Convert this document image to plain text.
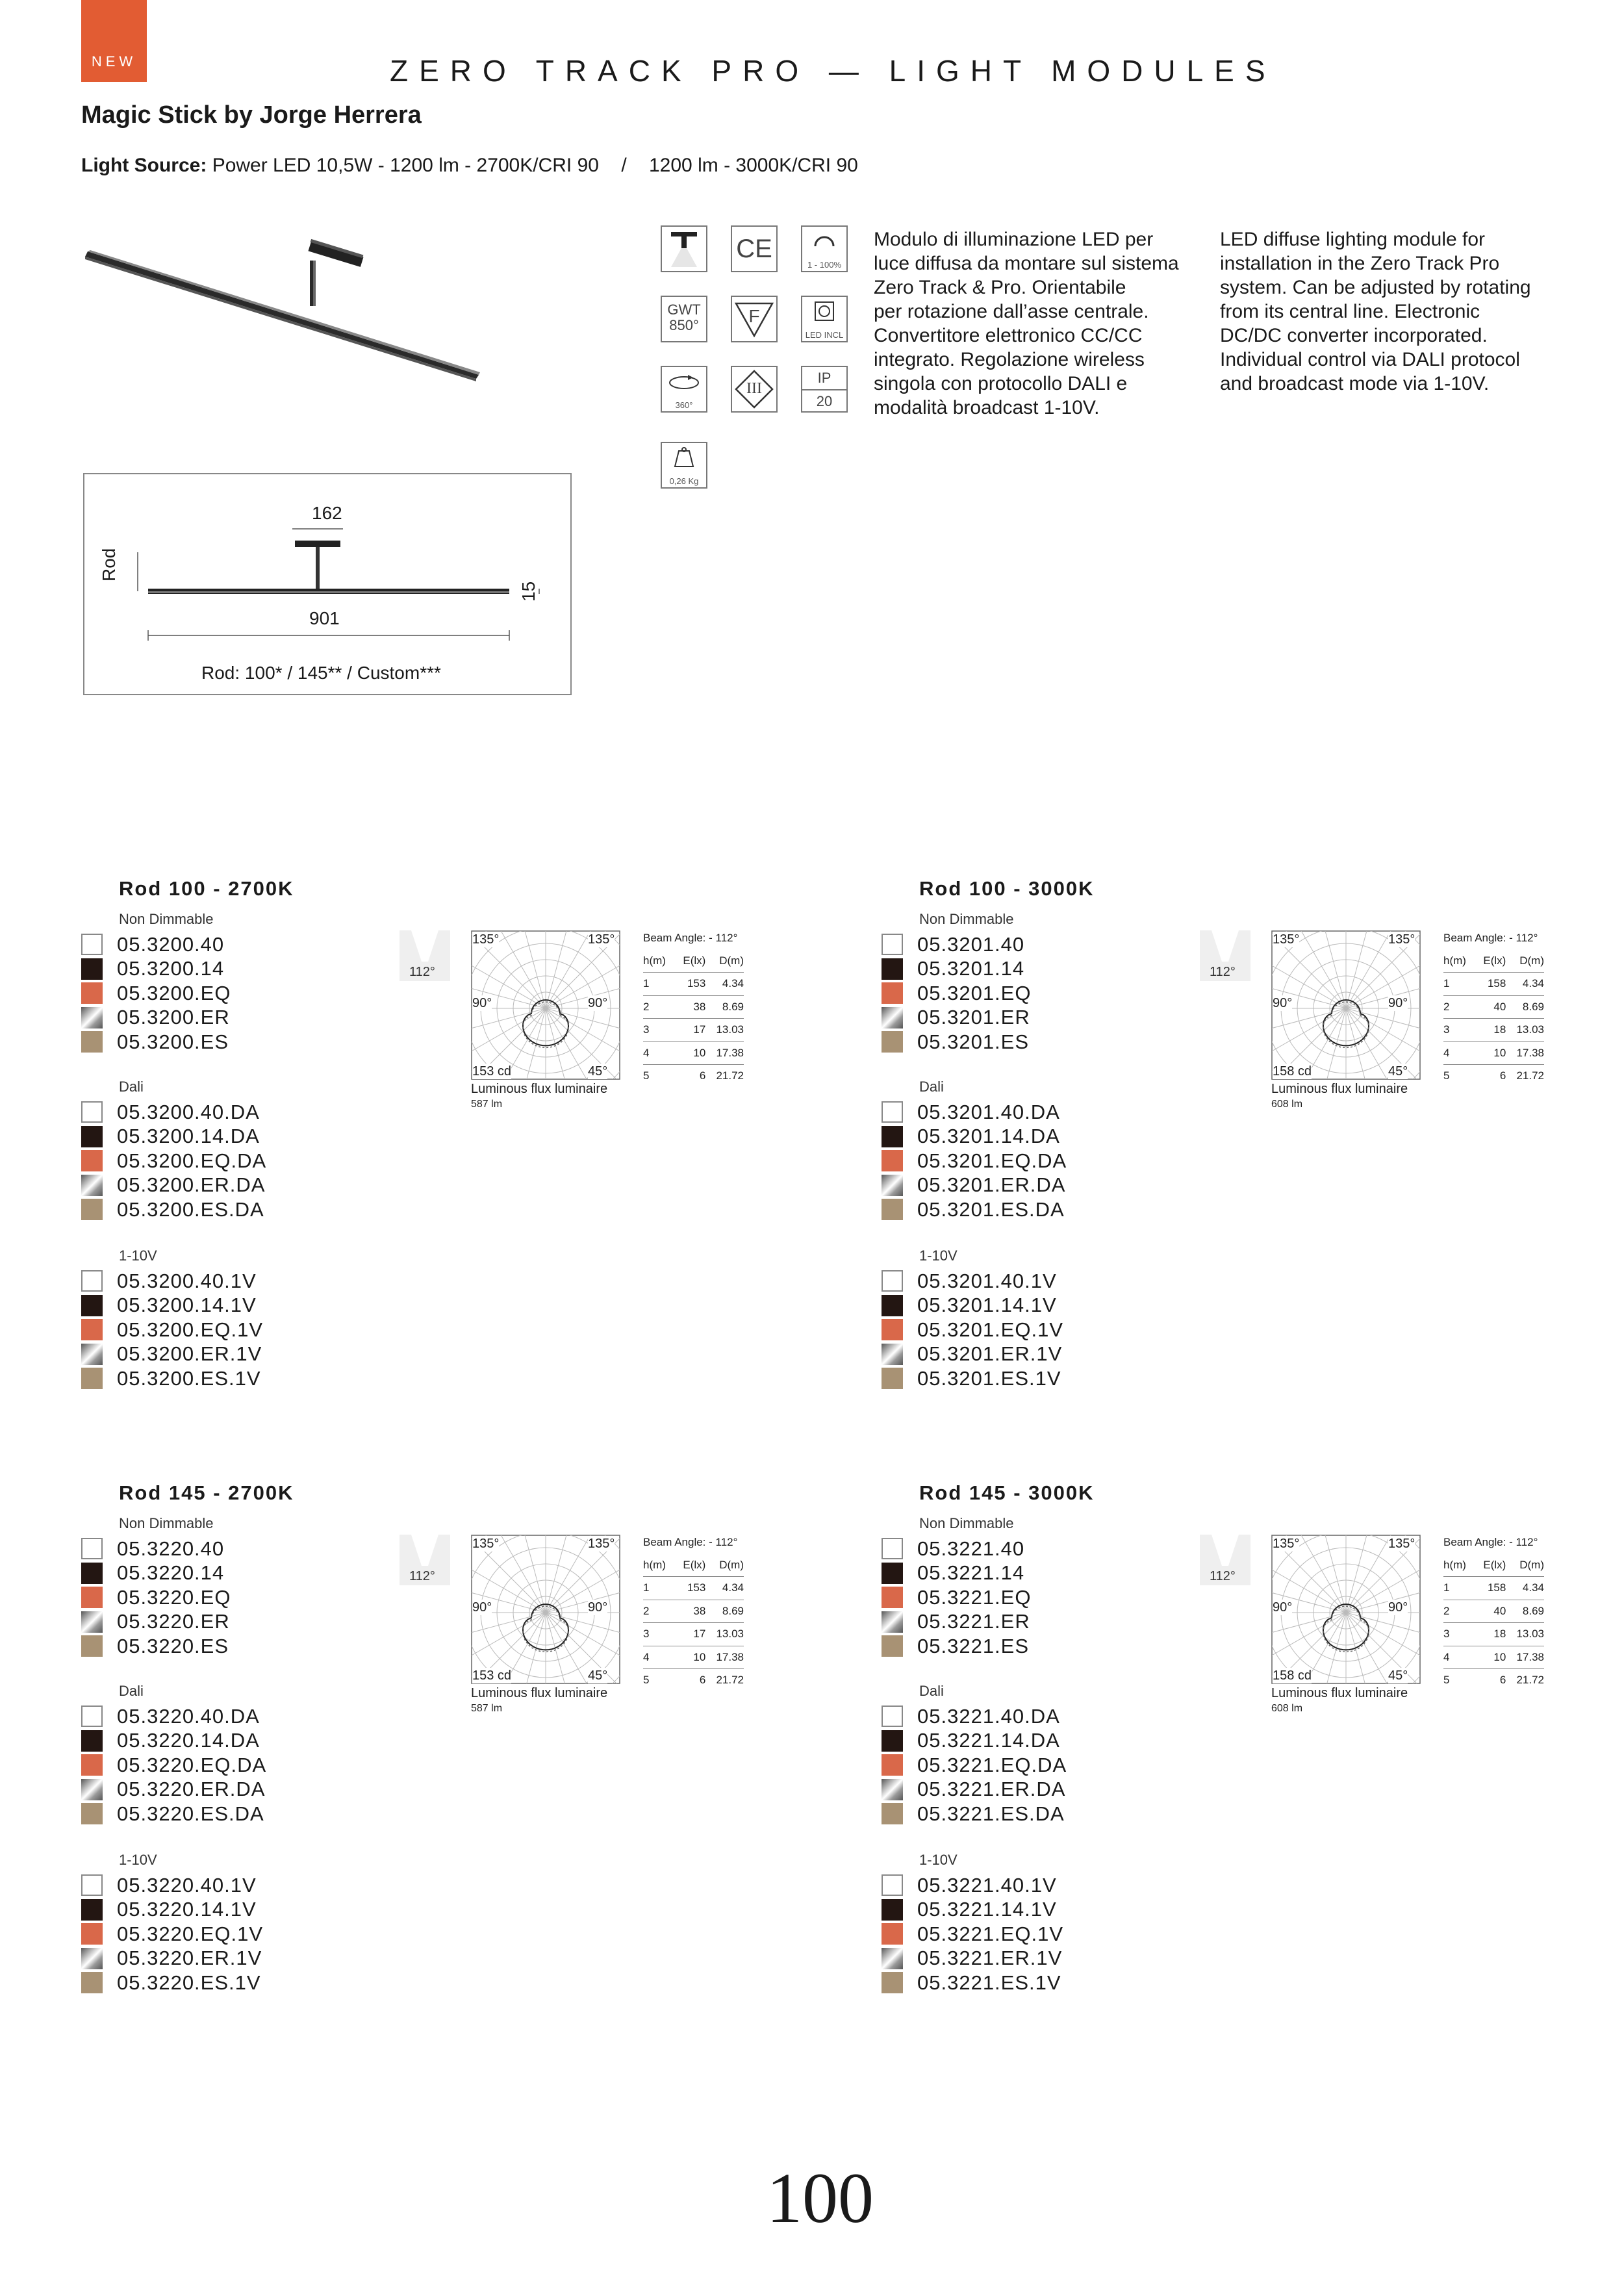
NEW	ZERO TRACK PRO — LIGHT MODULES
Magic Stick by Jorge Herrera
Light Source: Power LED 10,5W - 1200 lm - 2700K/CRI 90 / 1200 lm - 3000K/CRI 90
CE
1 - 100%
GWT
850°	F
LED INCL
360°
III
IP
20
0,26 Kg
Modulo di illuminazione LED per
luce diffusa da montare sul sistema
Zero Track & Pro. Orientabile
per rotazione dall’asse centrale.
Convertitore elettronico CC/CC
integrato. Regolazione wireless
singola con protocollo DALI e
modalità broadcast 1-10V.
LED diffuse lighting module for
installation in the Zero Track Pro
system. Can be adjusted by rotating
from its central line. Electronic
DC/DC converter incorporated.
Individual control via DALI protocol
and broadcast mode via 1-10V.
162
901
Rod
15
Rod: 100* / 145** / Custom***
Rod 100 - 2700K
Non Dimmable
05.3200.40
05.3200.14
05.3200.EQ
05.3200.ER
05.3200.ES
Dali
05.3200.40.DA
05.3200.14.DA
05.3200.EQ.DA
05.3200.ER.DA
05.3200.ES.DA
1-10V
05.3200.40.1V
05.3200.14.1V
05.3200.EQ.1V
05.3200.ER.1V
05.3200.ES.1V
112°
135°	135°
90°	90°
153 cd	45°
Luminous flux luminaire
587 lm
Beam Angle: - 112°		
h(m)	E(lx)	D(m)
1	153	4.34
2	38	8.69
3	17	13.03
4	10	17.38
5	6	21.72
Rod 100 - 3000K
Non Dimmable
05.3201.40
05.3201.14
05.3201.EQ
05.3201.ER
05.3201.ES
Dali
05.3201.40.DA
05.3201.14.DA
05.3201.EQ.DA
05.3201.ER.DA
05.3201.ES.DA
1-10V
05.3201.40.1V
05.3201.14.1V
05.3201.EQ.1V
05.3201.ER.1V
05.3201.ES.1V
112°
135°	135°
90°	90°
158 cd	45°
Luminous flux luminaire
608 lm
Beam Angle: - 112°		
h(m)	E(lx)	D(m)
1	158	4.34
2	40	8.69
3	18	13.03
4	10	17.38
5	6	21.72
Rod 145 - 2700K
Non Dimmable
05.3220.40
05.3220.14
05.3220.EQ
05.3220.ER
05.3220.ES
Dali
05.3220.40.DA
05.3220.14.DA
05.3220.EQ.DA
05.3220.ER.DA
05.3220.ES.DA
1-10V
05.3220.40.1V
05.3220.14.1V
05.3220.EQ.1V
05.3220.ER.1V
05.3220.ES.1V
112°
135°	135°
90°	90°
153 cd	45°
Luminous flux luminaire
587 lm
Beam Angle: - 112°		
h(m)	E(lx)	D(m)
1	153	4.34
2	38	8.69
3	17	13.03
4	10	17.38
5	6	21.72
Rod 145 - 3000K
Non Dimmable
05.3221.40
05.3221.14
05.3221.EQ
05.3221.ER
05.3221.ES
Dali
05.3221.40.DA
05.3221.14.DA
05.3221.EQ.DA
05.3221.ER.DA
05.3221.ES.DA
1-10V
05.3221.40.1V
05.3221.14.1V
05.3221.EQ.1V
05.3221.ER.1V
05.3221.ES.1V
112°
135°	135°
90°	90°
158 cd	45°
Luminous flux luminaire
608 lm
Beam Angle: - 112°		
h(m)	E(lx)	D(m)
1	158	4.34
2	40	8.69
3	18	13.03
4	10	17.38
5	6	21.72
100
